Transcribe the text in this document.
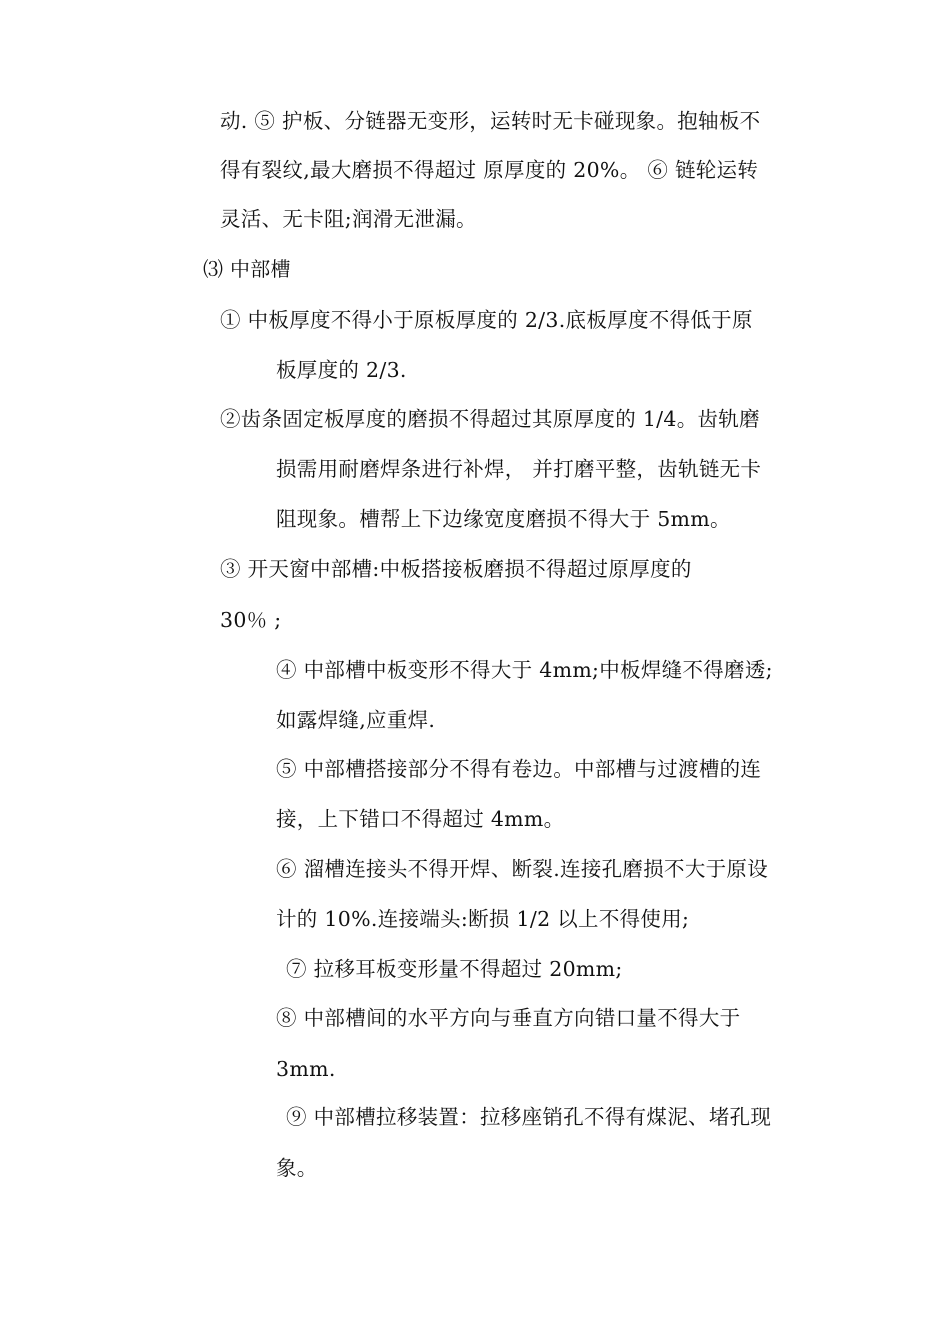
动. ⑤ 护板、分链器无变形，运转时无卡碰现象。抱轴板不
得有裂纹,最大磨损不得超过 原厚度的 20%。 ⑥ 链轮运转
灵活、无卡阻;润滑无泄漏。
⑶ 中部槽
① 中板厚度不得小于原板厚度的 2/3.底板厚度不得低于原
板厚度的 2/3.
②齿条固定板厚度的磨损不得超过其原厚度的 1/4。齿轨磨
损需用耐磨焊条进行补焊， 并打磨平整，齿轨链无卡
阻现象。槽帮上下边缘宽度磨损不得大于 5mm。
③ 开天窗中部槽:中板搭接板磨损不得超过原厚度的
30％ ;
④ 中部槽中板变形不得大于 4mm;中板焊缝不得磨透;
如露焊缝,应重焊.
⑤ 中部槽搭接部分不得有卷边。中部槽与过渡槽的连
接，上下错口不得超过 4mm。
⑥ 溜槽连接头不得开焊、断裂.连接孔磨损不大于原设
计的 10%.连接端头:断损 1/2 以上不得使用;
⑦ 拉移耳板变形量不得超过 20mm;
⑧ 中部槽间的水平方向与垂直方向错口量不得大于
3mm.
⑨ 中部槽拉移装置：拉移座销孔不得有煤泥、堵孔现
象。
